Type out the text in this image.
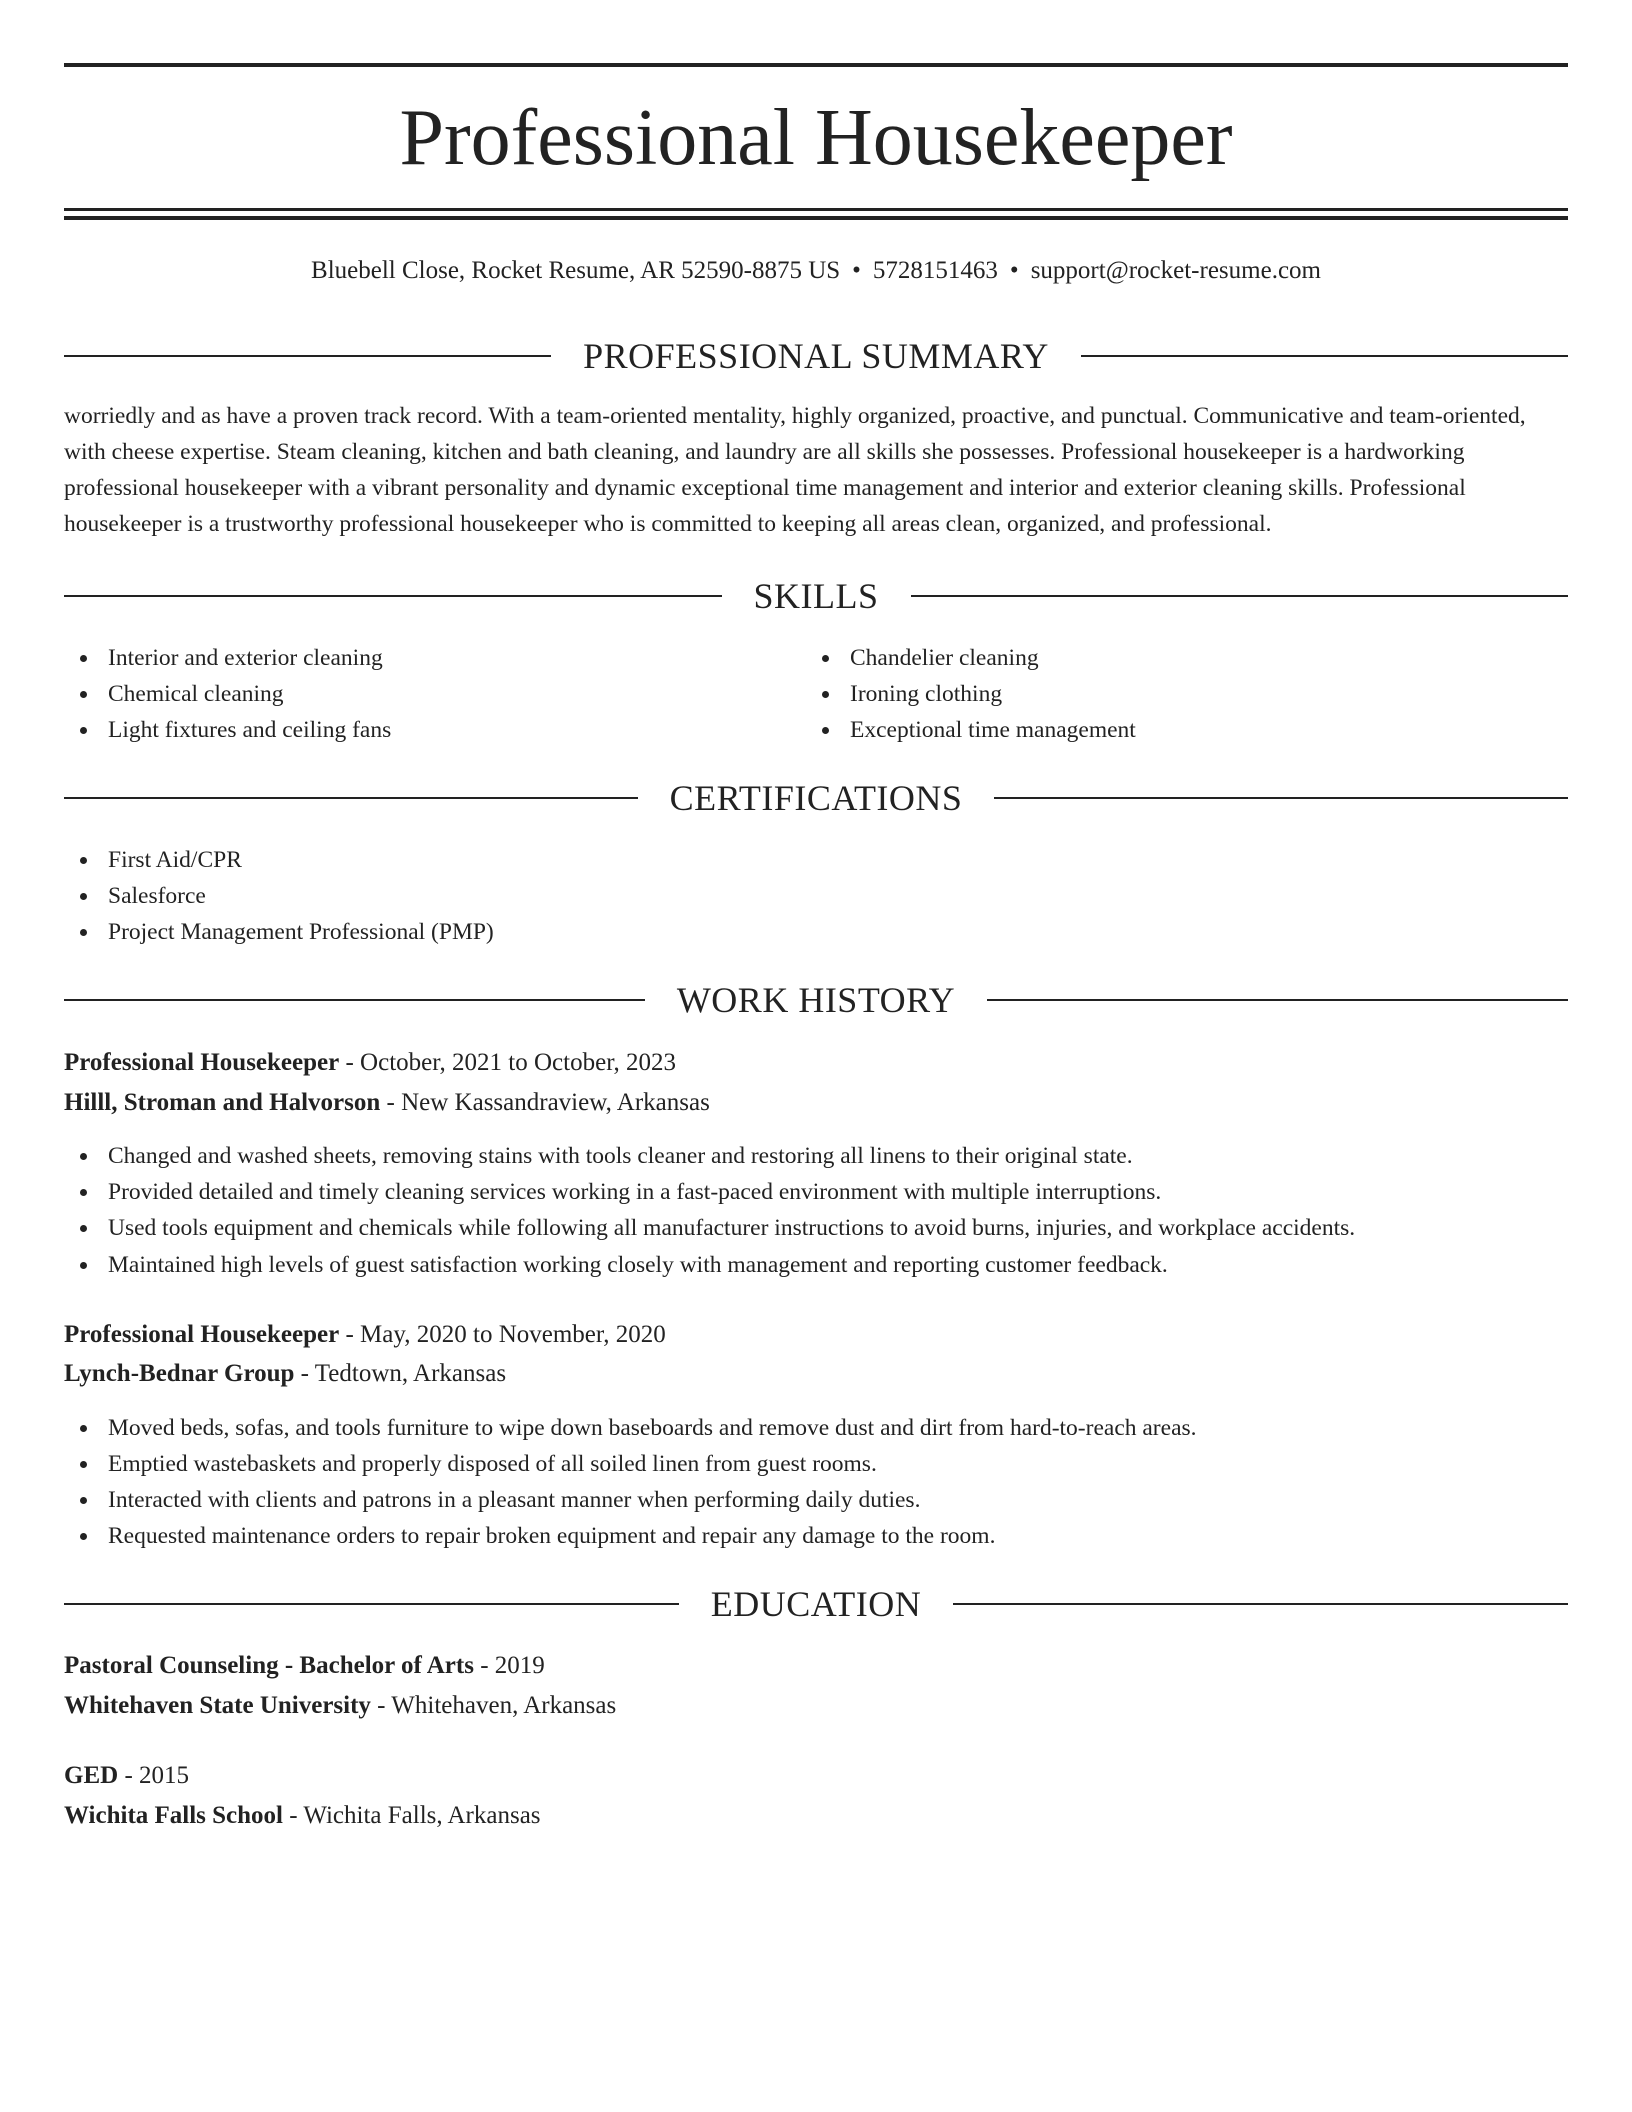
Professional Housekeeper
Bluebell Close, Rocket Resume, AR 52590-8875 US • 5728151463 • support@rocket-resume.com
PROFESSIONAL SUMMARY

worriedly and as have a proven track record. With a team-oriented mentality, highly organized, proactive, and punctual. Communicative and team-oriented, with cheese expertise. Steam cleaning, kitchen and bath cleaning, and laundry are all skills she possesses. Professional housekeeper is a hardworking professional housekeeper with a vibrant personality and dynamic exceptional time management and interior and exterior cleaning skills. Professional housekeeper is a trustworthy professional housekeeper who is committed to keeping all areas clean, organized, and professional.

SKILLS
Interior and exterior cleaning
Chemical cleaning
Light fixtures and ceiling fans
Chandelier cleaning
Ironing clothing
Exceptional time management
CERTIFICATIONS
First Aid/CPR
Salesforce
Project Management Professional (PMP)
WORK HISTORY
Professional Housekeeper - October, 2021 to October, 2023
Hilll, Stroman and Halvorson - New Kassandraview, Arkansas
Changed and washed sheets, removing stains with tools cleaner and restoring all linens to their original state.
Provided detailed and timely cleaning services working in a fast-paced environment with multiple interruptions.
Used tools equipment and chemicals while following all manufacturer instructions to avoid burns, injuries, and workplace accidents.
Maintained high levels of guest satisfaction working closely with management and reporting customer feedback.
Professional Housekeeper - May, 2020 to November, 2020
Lynch-Bednar Group - Tedtown, Arkansas
Moved beds, sofas, and tools furniture to wipe down baseboards and remove dust and dirt from hard-to-reach areas.
Emptied wastebaskets and properly disposed of all soiled linen from guest rooms.
Interacted with clients and patrons in a pleasant manner when performing daily duties.
Requested maintenance orders to repair broken equipment and repair any damage to the room.
EDUCATION
Pastoral Counseling - Bachelor of Arts - 2019
Whitehaven State University - Whitehaven, Arkansas
GED - 2015
Wichita Falls School - Wichita Falls, Arkansas
